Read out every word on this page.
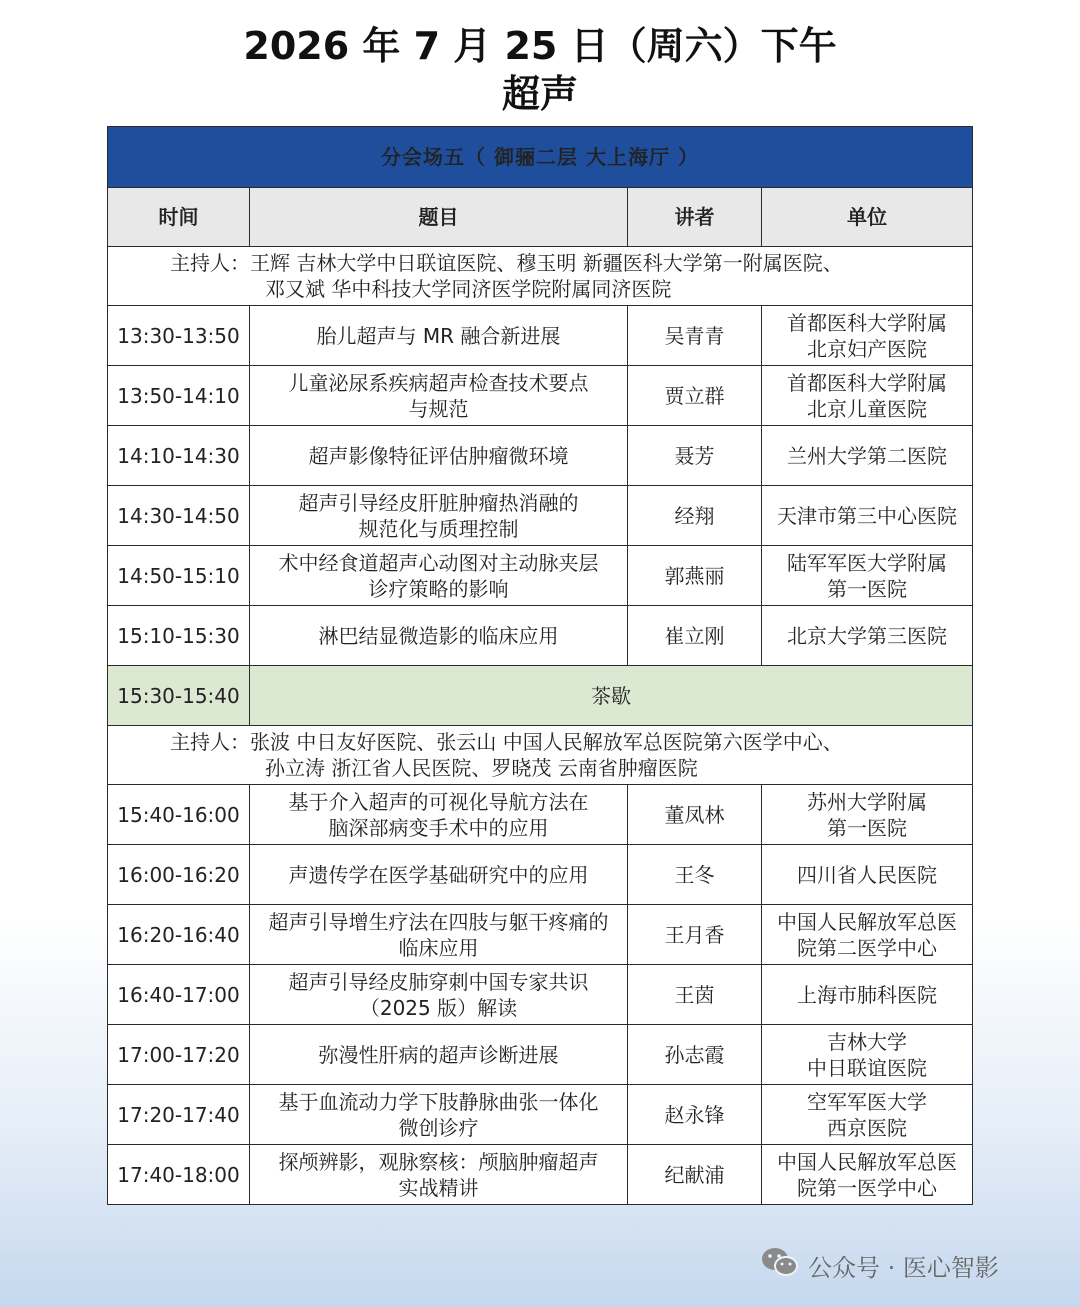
2026 年 7 月 25 日（周六）下午
超声
分会场五（ 御骊二层 大上海厅 ）			
时间	题目	讲者	单位

主持人：王辉 吉林大学中日联谊医院、穆玉明 新疆医科大学第一附属医院、
邓又斌 华中科技大学同济医学院附属同济医院			

13:30-13:50	胎儿超声与 MR 融合新进展	吴青青	首都医科大学附属
北京妇产医院

13:50-14:10	儿童泌尿系疾病超声检查技术要点
与规范	贾立群	首都医科大学附属
北京儿童医院

14:10-14:30	超声影像特征评估肿瘤微环境	聂芳	兰州大学第二医院

14:30-14:50	超声引导经皮肝脏肿瘤热消融的
规范化与质理控制	经翔	天津市第三中心医院

14:50-15:10	术中经食道超声心动图对主动脉夹层
诊疗策略的影响	郭燕丽	陆军军医大学附属
第一医院

15:10-15:30	淋巴结显微造影的临床应用	崔立刚	北京大学第三医院

15:30-15:40	茶歇		

主持人：张波 中日友好医院、张云山 中国人民解放军总医院第六医学中心、
孙立涛 浙江省人民医院、罗晓茂 云南省肿瘤医院			

15:40-16:00	基于介入超声的可视化导航方法在
脑深部病变手术中的应用	董凤林	苏州大学附属
第一医院

16:00-16:20	声遗传学在医学基础研究中的应用	王冬	四川省人民医院

16:20-16:40	超声引导增生疗法在四肢与躯干疼痛的
临床应用	王月香	中国人民解放军总医
院第二医学中心

16:40-17:00	超声引导经皮肺穿刺中国专家共识
（2025 版）解读	王茵	上海市肺科医院

17:00-17:20	弥漫性肝病的超声诊断进展	孙志霞	吉林大学
中日联谊医院

17:20-17:40	基于血流动力学下肢静脉曲张一体化
微创诊疗	赵永锋	空军军医大学
西京医院

17:40-18:00	探颅辨影，观脉察核：颅脑肿瘤超声
实战精讲	纪献浦	中国人民解放军总医
院第一医学中心
公众号 · 医心智影
